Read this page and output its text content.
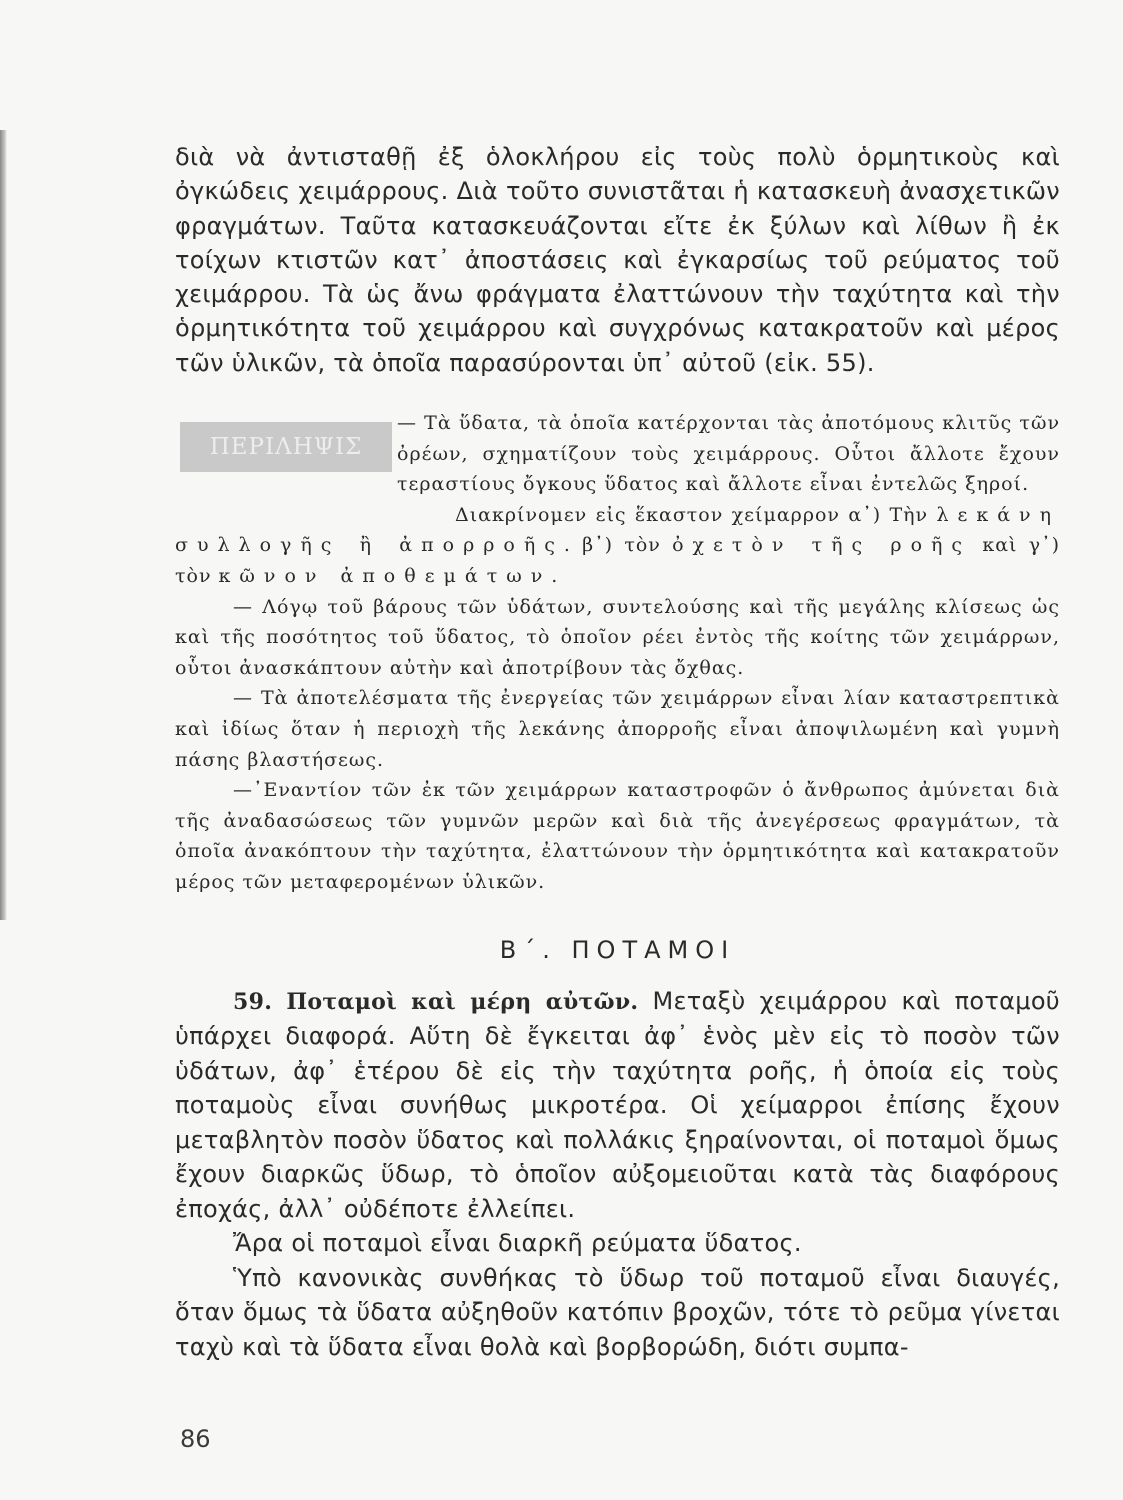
διὰ νὰ ἀντισταθῇ ἐξ ὁλοκλήρου εἰς τοὺς πολὺ ὁρμητικοὺς καὶ ὀγκώδεις χειμάρρους. Διὰ τοῦτο συνιστᾶται ἡ κατασκευὴ ἀνασχετικῶν φραγμάτων. Ταῦτα κατασκευάζονται εἴτε ἐκ ξύλων καὶ λίθων ἢ ἐκ τοίχων κτιστῶν κατ᾽ ἀποστάσεις καὶ ἐγκαρσίως τοῦ ρεύματος τοῦ χειμάρρου. Τὰ ὡς ἄνω φράγματα ἐλαττώνουν τὴν ταχύτητα καὶ τὴν ὁρμητικότητα τοῦ χειμάρρου καὶ συγχρόνως κατακρατοῦν καὶ μέρος τῶν ὑλικῶν, τὰ ὁποῖα παρασύρονται ὑπ᾽ αὐτοῦ (εἰκ. 55).

ΠΕΡΙΛΗΨΙΣ

— Τὰ ὕδατα, τὰ ὁποῖα κατέρχονται τὰς ἀποτόμους κλιτῦς τῶν ὀρέων, σχηματίζουν τοὺς χειμάρρους. Οὗτοι ἄλλοτε ἔχουν τεραστίους ὄγκους ὕδατος καὶ ἄλλοτε εἶναι ἐντελῶς ξηροί.

Διακρίνομεν εἰς ἕκαστον χείμαρρον α᾽) Τὴν λεκάνη συλλογῆς ἢ ἀπορροῆς. β᾽) τὸν ὀχετὸν τῆς ροῆς καὶ γ᾽) τὸν κῶνον ἀποθεμάτων.

— Λόγῳ τοῦ βάρους τῶν ὑδάτων, συντελούσης καὶ τῆς μεγάλης κλίσεως ὡς καὶ τῆς ποσότητος τοῦ ὕδατος, τὸ ὁποῖον ρέει ἐντὸς τῆς κοίτης τῶν χειμάρρων, οὗτοι ἀνασκάπτουν αὐτὴν καὶ ἀποτρίβουν τὰς ὄχθας.

— Τὰ ἀποτελέσματα τῆς ἐνεργείας τῶν χειμάρρων εἶναι λίαν καταστρεπτικὰ καὶ ἰδίως ὅταν ἡ περιοχὴ τῆς λεκάνης ἀπορροῆς εἶναι ἀποψιλωμένη καὶ γυμνὴ πάσης βλαστήσεως.

—᾽Εναντίον τῶν ἐκ τῶν χειμάρρων καταστροφῶν ὁ ἄνθρωπος ἀμύνεται διὰ τῆς ἀναδασώσεως τῶν γυμνῶν μερῶν καὶ διὰ τῆς ἀνεγέρσεως φραγμάτων, τὰ ὁποῖα ἀνακόπτουν τὴν ταχύτητα, ἐλαττώνουν τὴν ὁρμητικότητα καὶ κατακρατοῦν μέρος τῶν μεταφερομένων ὑλικῶν.

Β΄. ΠΟΤΑΜΟΙ

59. Ποταμοὶ καὶ μέρη αὐτῶν. Μεταξὺ χειμάρρου καὶ ποταμοῦ ὑπάρχει διαφορά. Αὕτη δὲ ἔγκειται ἀφ᾽ ἑνὸς μὲν εἰς τὸ ποσὸν τῶν ὑδάτων, ἀφ᾽ ἑτέρου δὲ εἰς τὴν ταχύτητα ροῆς, ἡ ὁποία εἰς τοὺς ποταμοὺς εἶναι συνήθως μικροτέρα. Οἱ χείμαρροι ἐπίσης ἔχουν μεταβλητὸν ποσὸν ὕδατος καὶ πολλάκις ξηραίνονται, οἱ ποταμοὶ ὅμως ἔχουν διαρκῶς ὕδωρ, τὸ ὁποῖον αὐξομειοῦται κατὰ τὰς διαφόρους ἐποχάς, ἀλλ᾽ οὐδέποτε ἐλλείπει.

Ἄρα οἱ ποταμοὶ εἶναι διαρκῆ ρεύματα ὕδατος.

Ὑπὸ κανονικὰς συνθήκας τὸ ὕδωρ τοῦ ποταμοῦ εἶναι διαυγές, ὅταν ὅμως τὰ ὕδατα αὐξηθοῦν κατόπιν βροχῶν, τότε τὸ ρεῦμα γίνεται ταχὺ καὶ τὰ ὕδατα εἶναι θολὰ καὶ βορβορώδη, διότι συμπα-

86
